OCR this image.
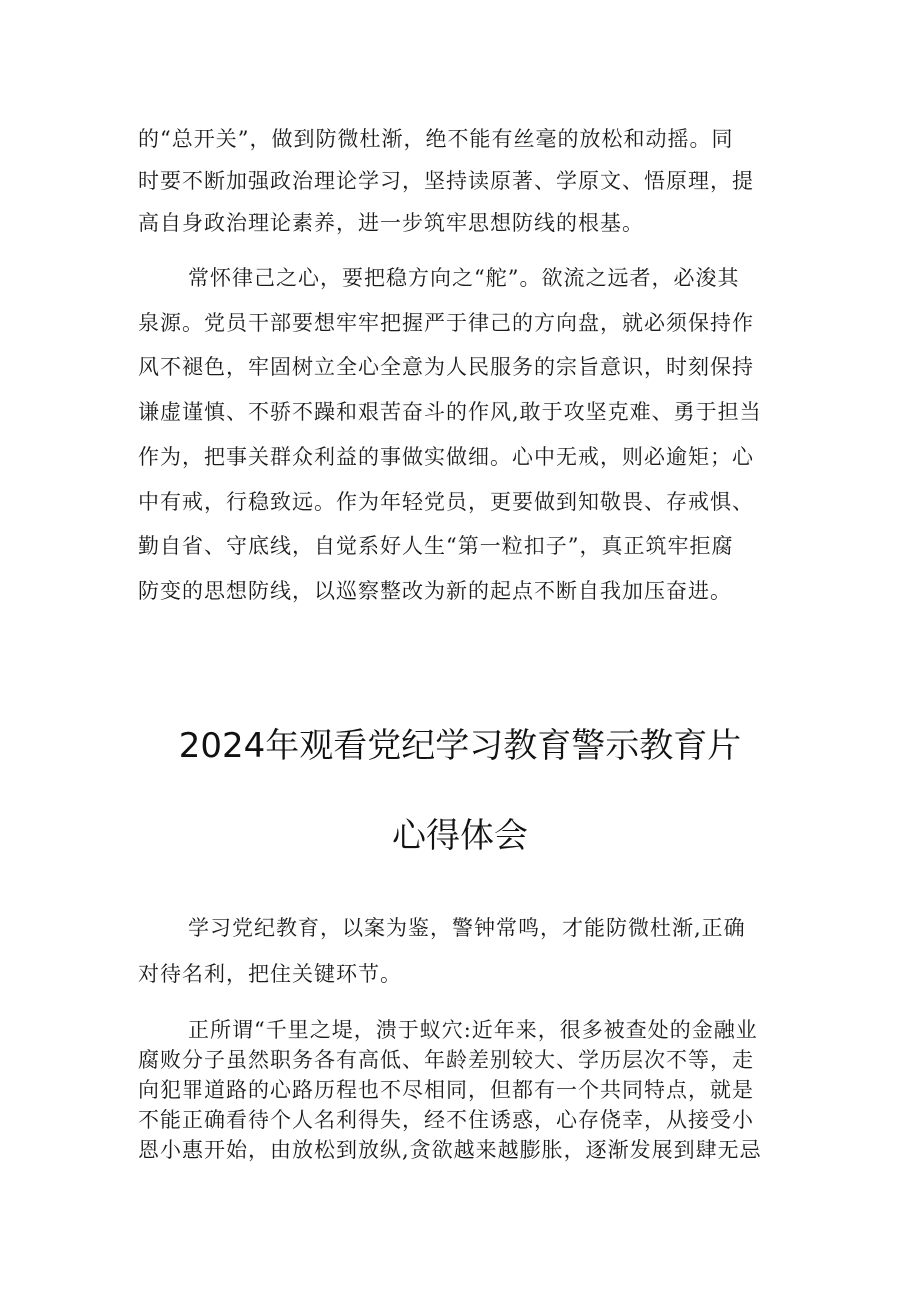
的“总开关”，做到防微杜渐，绝不能有丝毫的放松和动摇。同
时要不断加强政治理论学习，坚持读原著、学原文、悟原理，提
高自身政治理论素养，进一步筑牢思想防线的根基。
常怀律己之心，要把稳方向之“舵”。欲流之远者，必浚其
泉源。党员干部要想牢牢把握严于律己的方向盘，就必须保持作
风不褪色，牢固树立全心全意为人民服务的宗旨意识，时刻保持
谦虚谨慎、不骄不躁和艰苦奋斗的作风,敢于攻坚克难、勇于担当
作为，把事关群众利益的事做实做细。心中无戒，则必逾矩；心
中有戒，行稳致远。作为年轻党员，更要做到知敬畏、存戒惧、
勤自省、守底线，自觉系好人生“第一粒扣子”，真正筑牢拒腐
防变的思想防线，以巡察整改为新的起点不断自我加压奋进。
2024年观看党纪学习教育警示教育片
心得体会
学习党纪教育，以案为鉴，警钟常鸣，才能防微杜渐,正确
对待名利，把住关键环节。
正所谓“千里之堤，溃于蚁穴:近年来，很多被查处的金融业
腐败分子虽然职务各有高低、年龄差别较大、学历层次不等，走
向犯罪道路的心路历程也不尽相同，但都有一个共同特点，就是
不能正确看待个人名利得失，经不住诱惑，心存侥幸，从接受小
恩小惠开始，由放松到放纵,贪欲越来越膨胀，逐渐发展到肆无忌
